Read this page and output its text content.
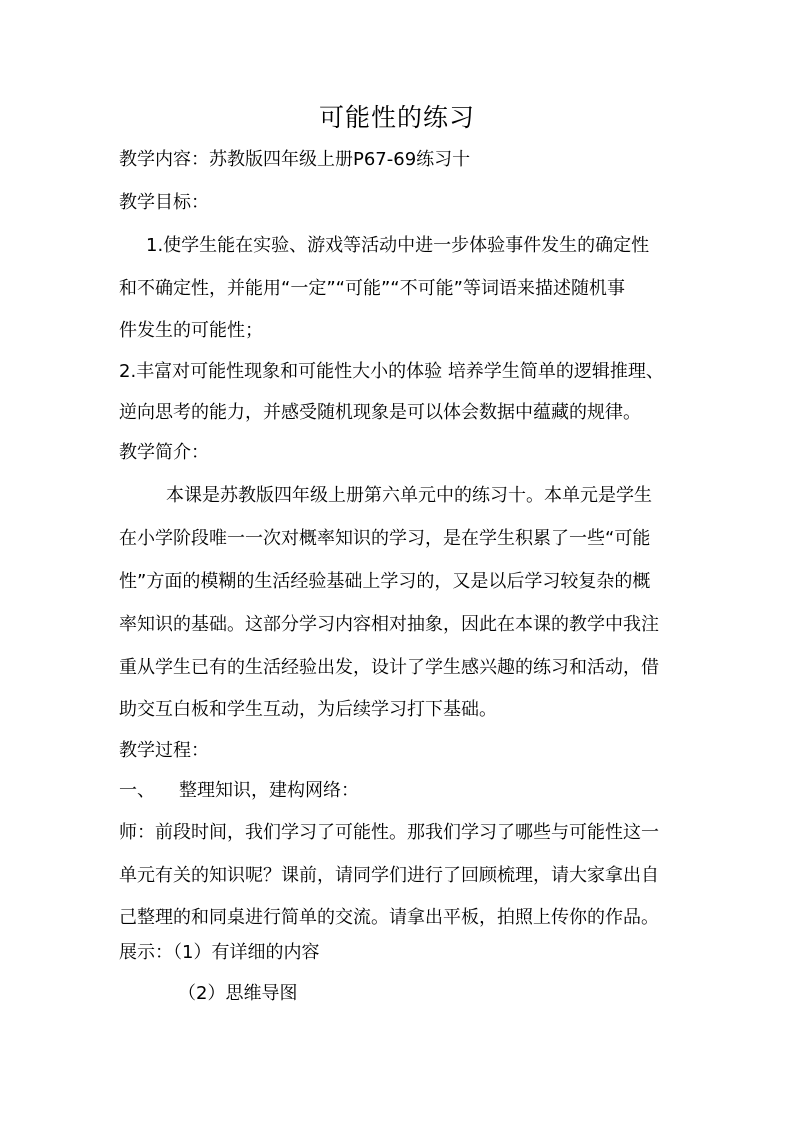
可能性的练习
教学内容：苏教版四年级上册P67-69练习十
教学目标：
1.使学生能在实验、游戏等活动中进一步体验事件发生的确定性
和不确定性，并能用“一定”“可能”“不可能”等词语来描述随机事
件发生的可能性；
2.丰富对可能性现象和可能性大小的体验 培养学生简单的逻辑推理、
逆向思考的能力，并感受随机现象是可以体会数据中蕴藏的规律。
教学简介：
本课是苏教版四年级上册第六单元中的练习十。本单元是学生
在小学阶段唯一一次对概率知识的学习，是在学生积累了一些“可能
性”方面的模糊的生活经验基础上学习的，又是以后学习较复杂的概
率知识的基础。这部分学习内容相对抽象，因此在本课的教学中我注
重从学生已有的生活经验出发，设计了学生感兴趣的练习和活动，借
助交互白板和学生互动，为后续学习打下基础。
教学过程：
一、 整理知识，建构网络：
师：前段时间，我们学习了可能性。那我们学习了哪些与可能性这一
单元有关的知识呢？课前，请同学们进行了回顾梳理，请大家拿出自
己整理的和同桌进行简单的交流。请拿出平板，拍照上传你的作品。
展示：（1）有详细的内容
（2）思维导图
